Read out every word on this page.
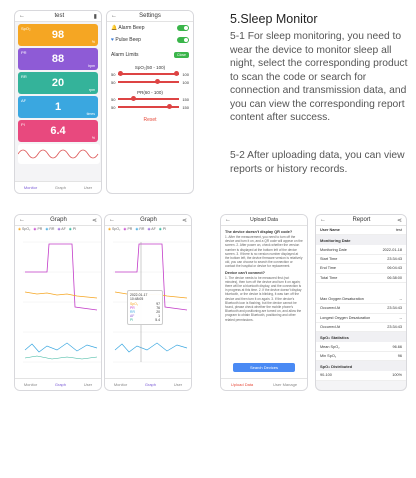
←	test	▮
SpO₂
98
%
PR
88
bpm
RR
20
rpm
AF
1
times
PI
6.4
%
Monitor	Graph	User
←	Settings
🔔 Alarm Beep
♥ Pulse Beep
Alarm Limits	Close
SpO₂(50 - 100)
50	100
50	100
PR(60 - 100)
50	150
50	150
Reset
5.Sleep Monitor
5-1 For sleep monitoring, you need to wear the device to monitor sleep all night, select the corresponding product to scan the code or search for connection and transmission data, and you can view the corresponding report content after success.
5-2 After uploading data, you can view reports or history records.
←	Graph	⋖
◉ SpO₂ ◉ PR ◉ RR ◉ AF ◉ PI
Monitor	Graph	User
←	Graph	⋖
◉ SpO₂ ◉ PR ◉ RR ◉ AF ◉ PI
2022-01-17 10:48:05
SpO₂	97
PR	76
RR	20
AF	1
PI	5.4
Monitor	Graph	User
←	Upload Data
The device doesn't display QR code?
1. After the measurement, you need to turn off the device and turn it on, and a QR code will appear on the screen. 2. After power on, check whether the version number is displayed at the bottom left of the device screen. 3. If there is no version number displayed at the bottom left, the device firmware version is relatively old, you can choose to search the connection or contact the hospital or device for replacement.
Device can't connect?
1. The device needs to be measured first (not minutes), then turn off the device and turn it on again; there will be a bluetooth display, and the connection is in progress at this time. 2. If the device doesn't display bluetooth, or the device is blinking, it was turn off the device and then turn it on again. 3. If the device's Bluetooth icon is flashing, but the device cannot be found, please check whether the mobile phone's Bluetooth and positioning are turned on, and allow the program to obtain Bluetooth, positioning and other related permissions.
Search Devices
Upload Data	User Manage
←	Report	⋖
User Name	test
Monitoring Date
Monitoring Date	2022-01-18
Start Time	23:34:43
End Time	06:04:43
Total Time	06:38:00
Max Oxygen Desaturation	--
Occurred At	23:34:43
Longest Oxygen Desaturation	--
Occurred At	23:34:43
SpO₂ Statistics
Mean SpO₂	96.66
Min SpO₂	96
SpO₂ Distributed
90-100	100%
